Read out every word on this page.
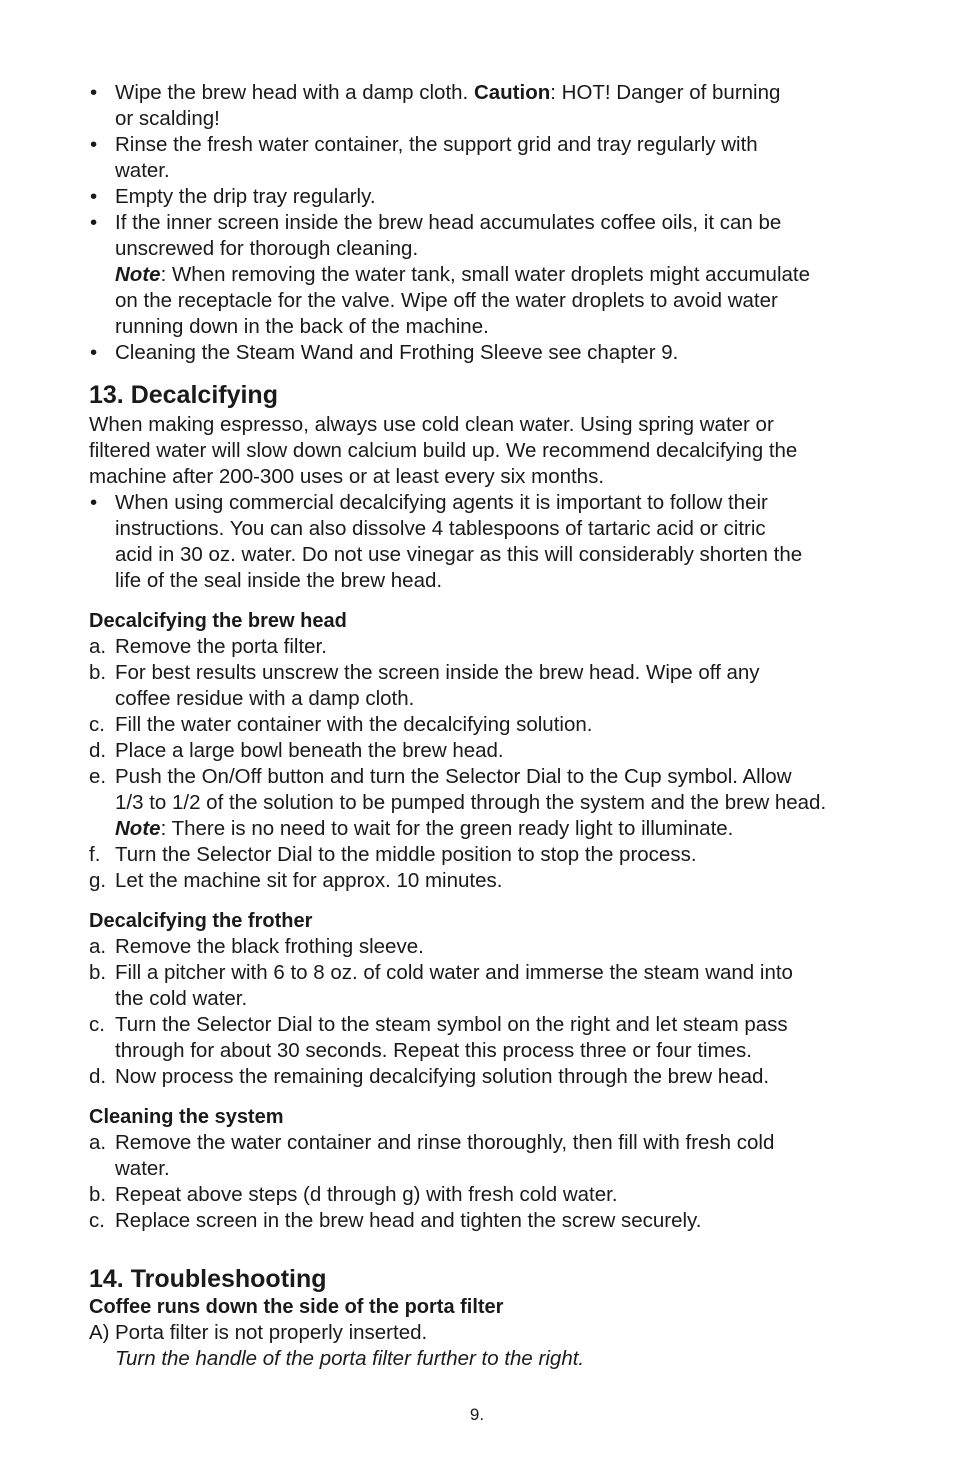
• Wipe the brew head with a damp cloth. Caution: HOT! Danger of burning
or scalding!
• Rinse the fresh water container, the support grid and tray regularly with
water.
• Empty the drip tray regularly.
• If the inner screen inside the brew head accumulates coffee oils, it can be
unscrewed for thorough cleaning.
Note: When removing the water tank, small water droplets might accumulate
on the receptacle for the valve. Wipe off the water droplets to avoid water
running down in the back of the machine.
• Cleaning the Steam Wand and Frothing Sleeve see chapter 9.
13. Decalcifying
When making espresso, always use cold clean water. Using spring water or
filtered water will slow down calcium build up. We recommend decalcifying the
machine after 200-300 uses or at least every six months.
• When using commercial decalcifying agents it is important to follow their
instructions. You can also dissolve 4 tablespoons of tartaric acid or citric
acid in 30 oz. water. Do not use vinegar as this will considerably shorten the
life of the seal inside the brew head.
Decalcifying the brew head
a. Remove the porta filter.
b. For best results unscrew the screen inside the brew head. Wipe off any
coffee residue with a damp cloth.
c. Fill the water container with the decalcifying solution.
d. Place a large bowl beneath the brew head.
e. Push the On/Off button and turn the Selector Dial to the Cup symbol. Allow
1/3 to 1/2 of the solution to be pumped through the system and the brew head.
Note: There is no need to wait for the green ready light to illuminate.
f. Turn the Selector Dial to the middle position to stop the process.
g. Let the machine sit for approx. 10 minutes.
Decalcifying the frother
a. Remove the black frothing sleeve.
b. Fill a pitcher with 6 to 8 oz. of cold water and immerse the steam wand into
the cold water.
c. Turn the Selector Dial to the steam symbol on the right and let steam pass
through for about 30 seconds. Repeat this process three or four times.
d. Now process the remaining decalcifying solution through the brew head.
Cleaning the system
a. Remove the water container and rinse thoroughly, then fill with fresh cold
water.
b. Repeat above steps (d through g) with fresh cold water.
c. Replace screen in the brew head and tighten the screw securely.
14. Troubleshooting
Coffee runs down the side of the porta filter
A) Porta filter is not properly inserted.
Turn the handle of the porta filter further to the right.
9.
